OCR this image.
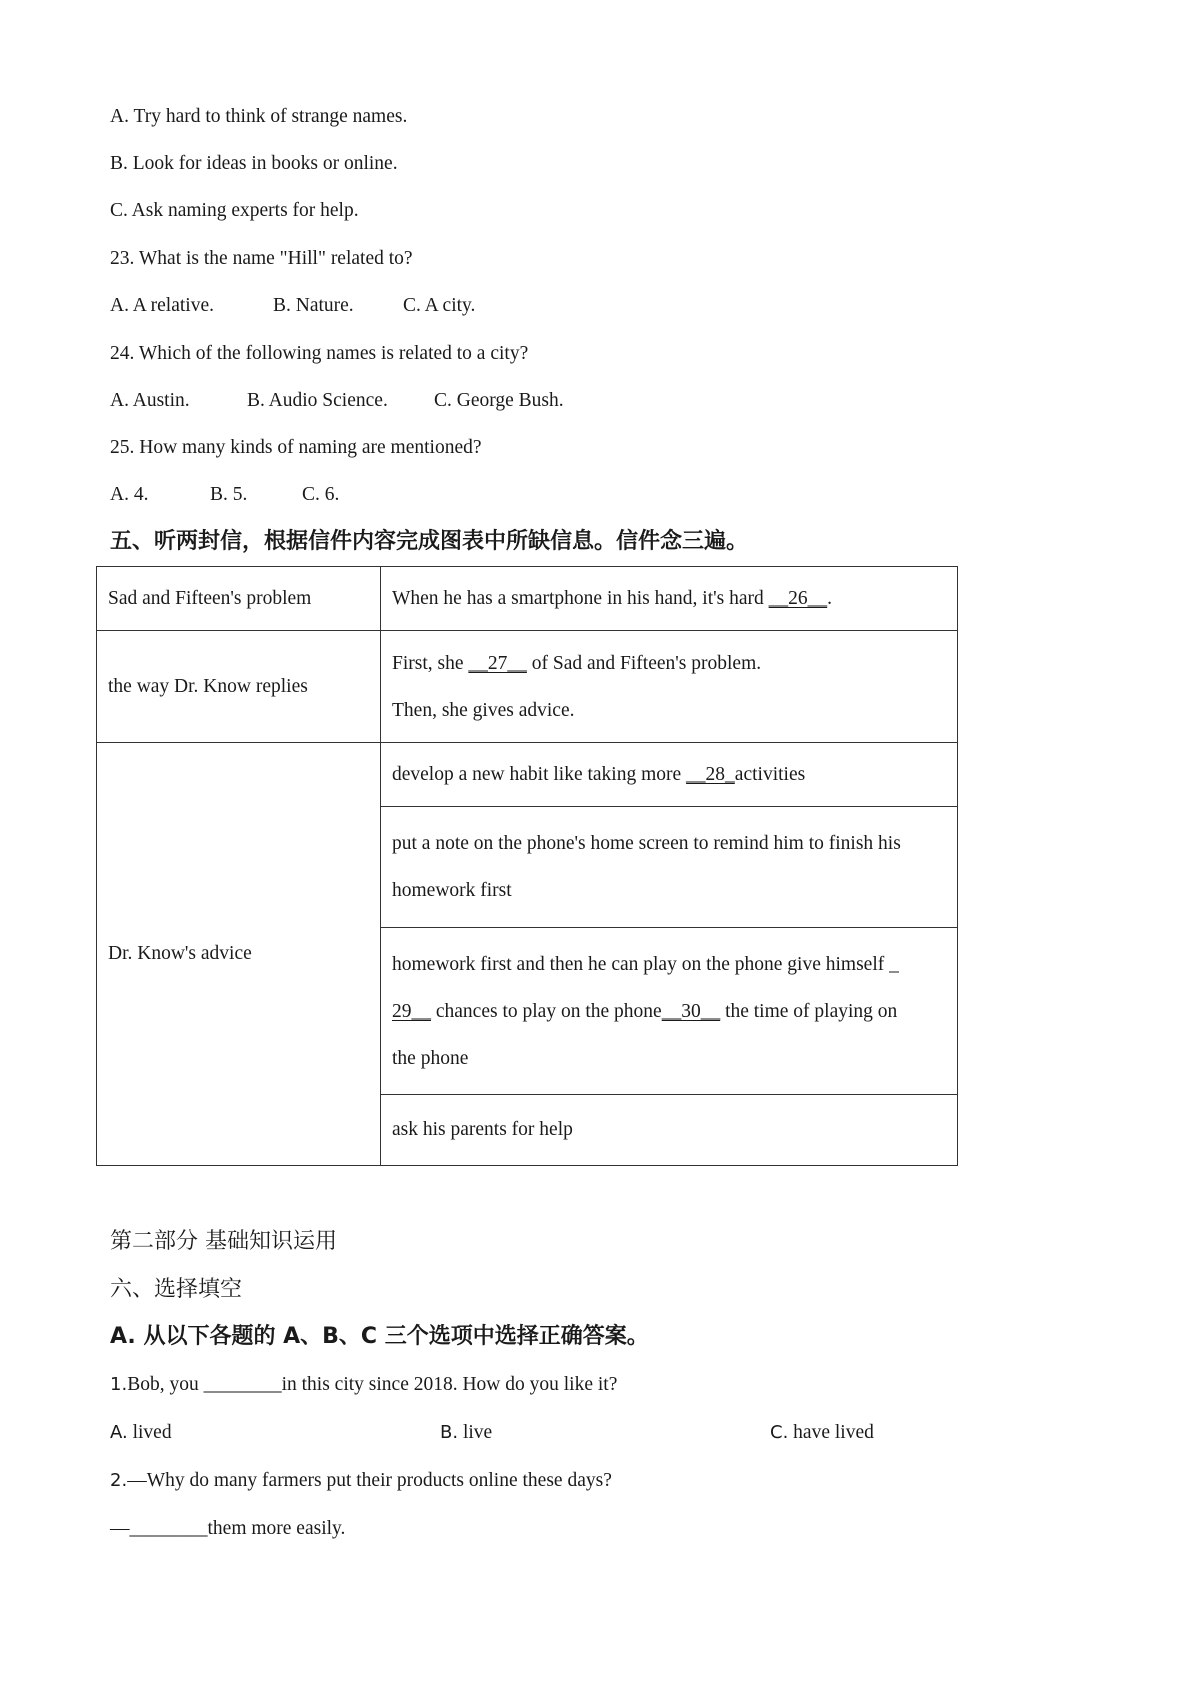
A. Try hard to think of strange names.
B. Look for ideas in books or online.
C. Ask naming experts for help.
23. What is the name "Hill" related to?
A. A relative.	B. Nature.	C. A city.
24. Which of the following names is related to a city?
A. Austin.	B. Audio Science. C. George Bush.
25. How many kinds of naming are mentioned?
A. 4.	B. 5.	C. 6.
五、听两封信，根据信件内容完成图表中所缺信息。信件念三遍。
Sad and Fifteen's problem	When he has a smartphone in his hand, it's hard __26__.
the way Dr. Know replies	First, she __27__ of Sad and Fifteen's problem.
Then, she gives advice.

Dr. Know's advice	develop a new habit like taking more __28_activities

	put a note on the phone's home screen to remind him to finish his
homework first

	homework first and then he can play on the phone give himself _
29__ chances to play on the phone__30__ the time of playing on
the phone

	ask his parents for help
第二部分 基础知识运用
六、选择填空
A. 从以下各题的 A、B、C 三个选项中选择正确答案。
1.Bob, you ________in this city since 2018. How do you like it?
A. lived	B. live	C. have lived
2.—Why do many farmers put their products online these days?
—________them more easily.
